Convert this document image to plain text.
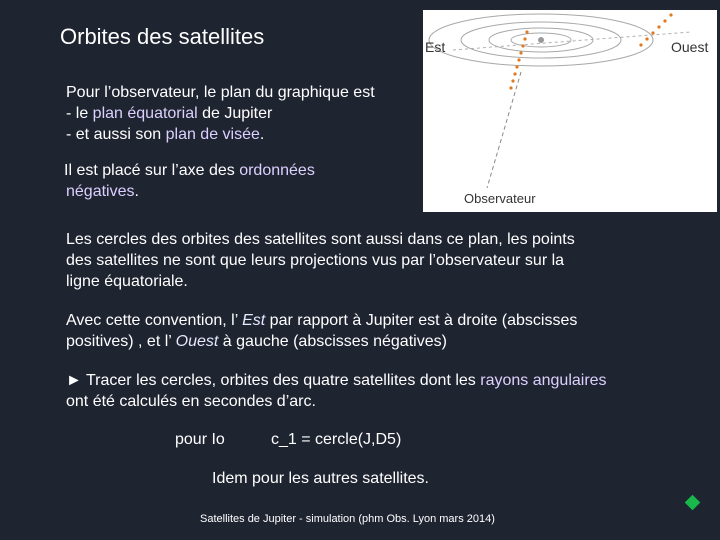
Orbites des satellites
Pour l’observateur, le plan du graphique est
- le plan équatorial de Jupiter
- et aussi son plan de visée.
Il est placé sur l’axe des ordonnées
négatives.
Les cercles des orbites des satellites sont aussi dans ce plan, les points
des satellites ne sont que leurs projections vus par l’observateur sur la
ligne équatoriale.
Avec cette convention, l’ Est par rapport à Jupiter est à droite (abscisses
positives) , et l’ Ouest à gauche (abscisses négatives)
► Tracer les cercles, orbites des quatre satellites dont les rayons angulaires
ont été calculés en secondes d’arc.
pour Io	c_1 = cercle(J,D5)
Idem pour les autres satellites.
Est	Ouest
Observateur
Satellites de Jupiter - simulation (phm Obs. Lyon mars 2014)
